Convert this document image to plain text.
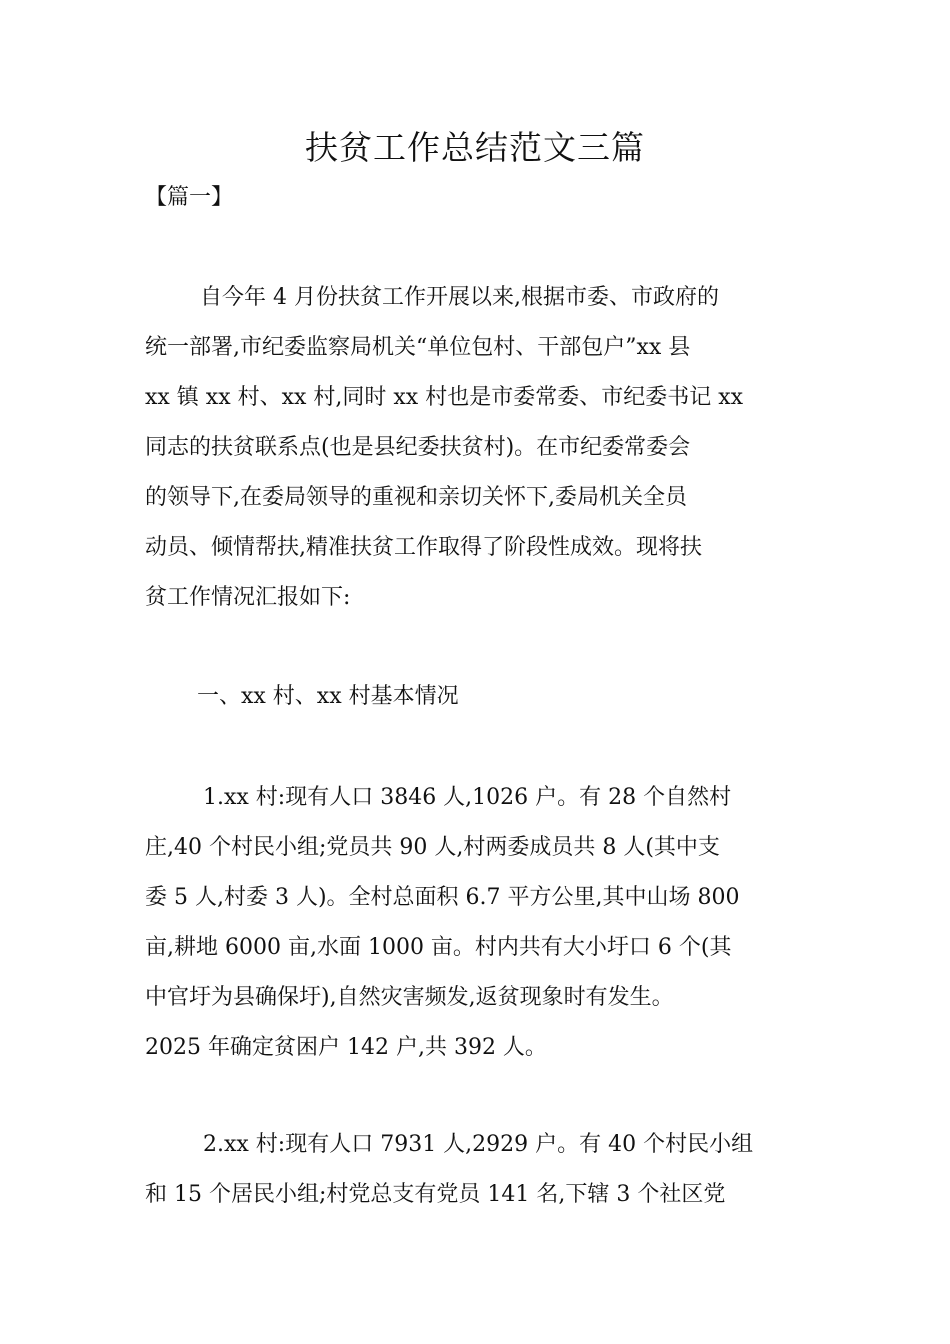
扶贫工作总结范文三篇
【篇一】
自今年 4 月份扶贫工作开展以来,根据市委、市政府的
统一部署,市纪委监察局机关“单位包村、干部包户”xx 县
xx 镇 xx 村、xx 村,同时 xx 村也是市委常委、市纪委书记 xx
同志的扶贫联系点(也是县纪委扶贫村)。在市纪委常委会
的领导下,在委局领导的重视和亲切关怀下,委局机关全员
动员、倾情帮扶,精准扶贫工作取得了阶段性成效。现将扶
贫工作情况汇报如下:
一、xx 村、xx 村基本情况
1.xx 村:现有人口 3846 人,1026 户。有 28 个自然村
庄,40 个村民小组;党员共 90 人,村两委成员共 8 人(其中支
委 5 人,村委 3 人)。全村总面积 6.7 平方公里,其中山场 800
亩,耕地 6000 亩,水面 1000 亩。村内共有大小圩口 6 个(其
中官圩为县确保圩),自然灾害频发,返贫现象时有发生。
2025 年确定贫困户 142 户,共 392 人。
2.xx 村:现有人口 7931 人,2929 户。有 40 个村民小组
和 15 个居民小组;村党总支有党员 141 名,下辖 3 个社区党
